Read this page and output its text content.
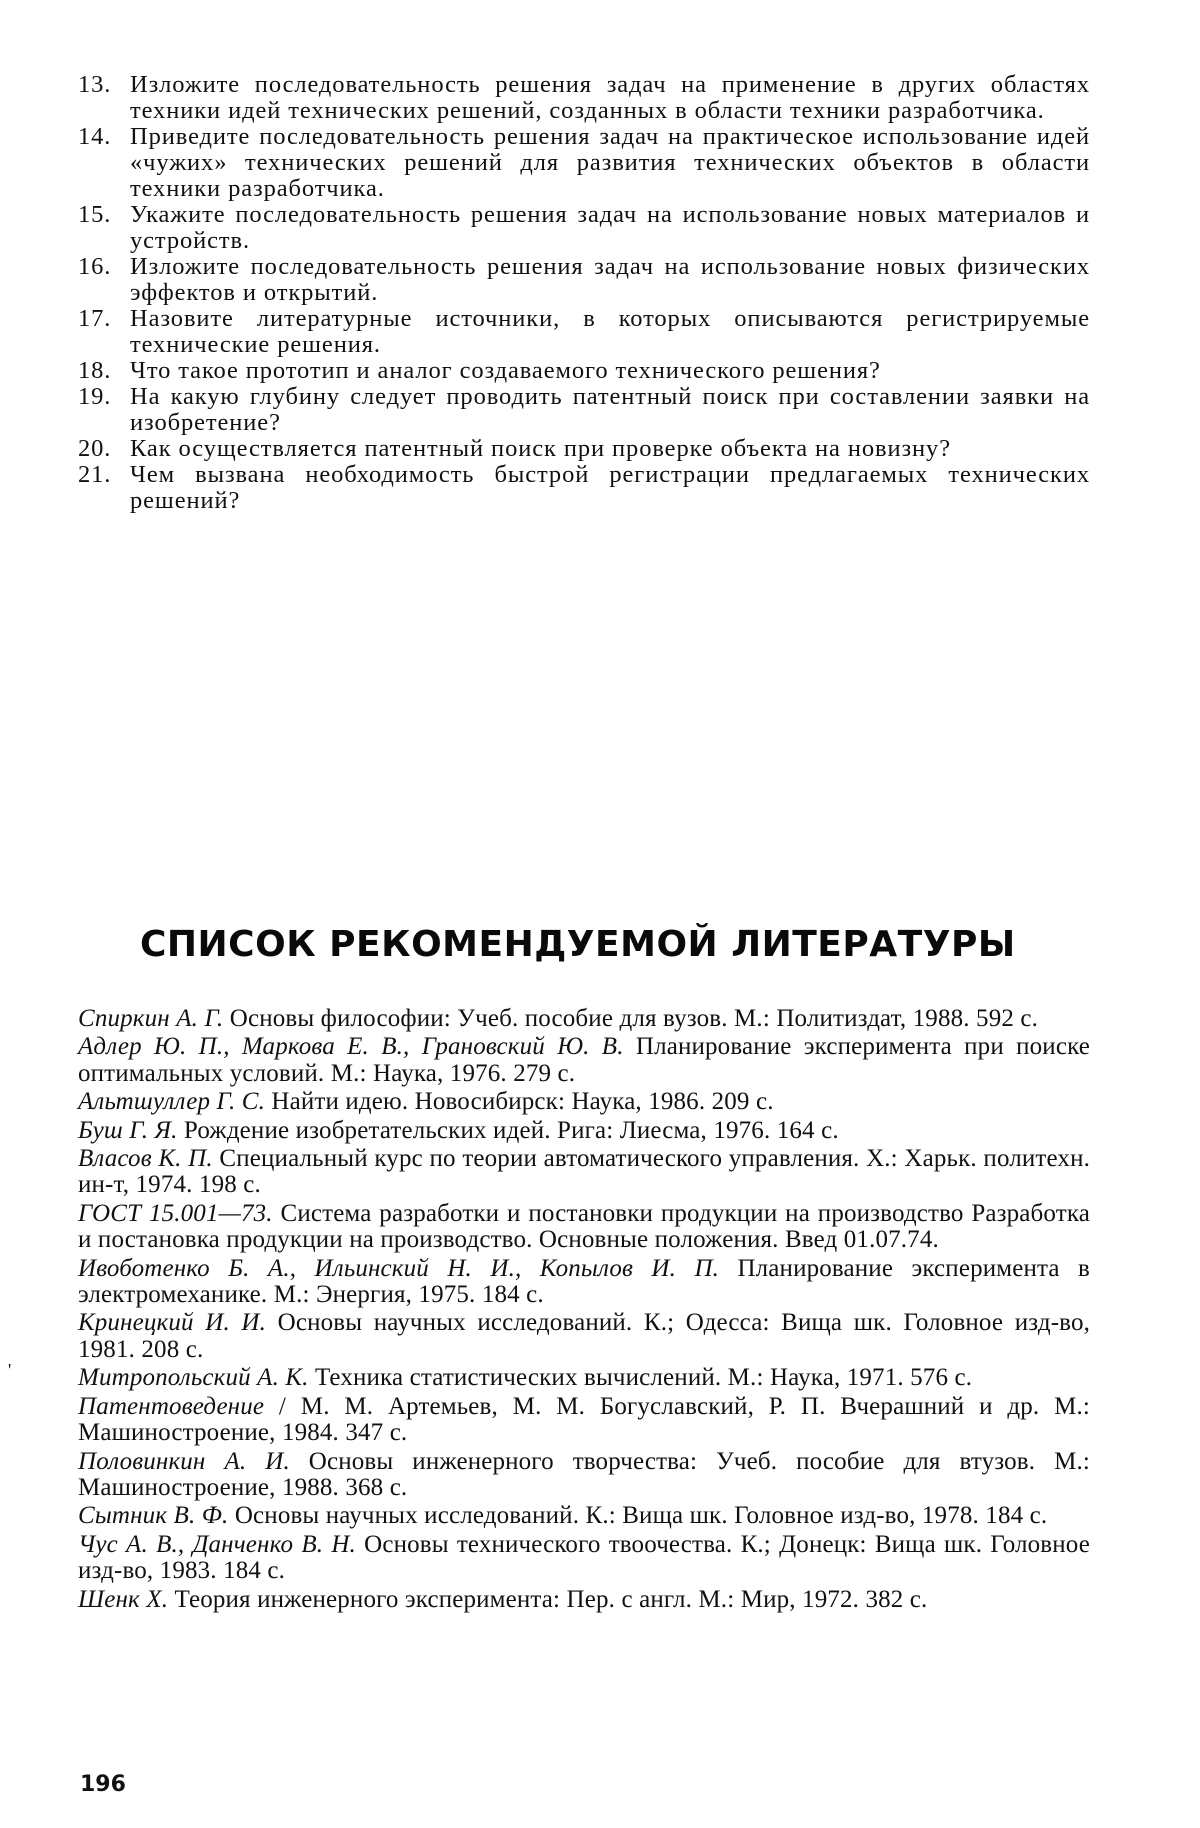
13. Изложите последовательность решения задач на применение в других областях техники идей технических решений, созданных в области техники разработчика.
14. Приведите последовательность решения задач на практическое использование идей «чужих» технических решений для развития технических объектов в области техники разработчика.
15. Укажите последовательность решения задач на использование новых материалов и устройств.
16. Изложите последовательность решения задач на использование новых физических эффектов и открытий.
17. Назовите литературные источники, в которых описываются регистрируемые технические решения.
18. Что такое прототип и аналог создаваемого технического решения?
19. На какую глубину следует проводить патентный поиск при составлении заявки на изобретение?
20. Как осуществляется патентный поиск при проверке объекта на новизну?
21. Чем вызвана необходимость быстрой регистрации предлагаемых технических решений?
СПИСОК РЕКОМЕНДУЕМОЙ ЛИТЕРАТУРЫ

Спиркин А. Г. Основы философии: Учеб. пособие для вузов. М.: Политиздат, 1988. 592 с.

Адлер Ю. П., Маркова Е. В., Грановский Ю. В. Планирование эксперимента при поиске оптимальных условий. М.: Наука, 1976. 279 с.

Альтшуллер Г. С. Найти идею. Новосибирск: Наука, 1986. 209 с.

Буш Г. Я. Рождение изобретательских идей. Рига: Лиесма, 1976. 164 с.

Власов К. П. Специальный курс по теории автоматического управления. Х.: Харьк. политехн. ин-т, 1974. 198 с.

ГОСТ 15.001—73. Система разработки и постановки продукции на производство Разработка и постановка продукции на производство. Основные положения. Введ 01.07.74.

Ивоботенко Б. А., Ильинский Н. И., Копылов И. П. Планирование эксперимента в электромеханике. М.: Энергия, 1975. 184 с.

Кринецкий И. И. Основы научных исследований. К.; Одесса: Вища шк. Головное изд-во, 1981. 208 с.

Митропольский А. К. Техника статистических вычислений. М.: Наука, 1971. 576 с.

Патентоведение / М. М. Артемьев, М. М. Богуславский, Р. П. Вчерашний и др. М.: Машиностроение, 1984. 347 с.

Половинкин А. И. Основы инженерного творчества: Учеб. пособие для втузов. М.: Машиностроение, 1988. 368 с.

Сытник В. Ф. Основы научных исследований. К.: Вища шк. Головное изд-во, 1978. 184 с.

Чус А. В., Данченко В. Н. Основы технического твоочества. К.; Донецк: Вища шк. Головное изд-во, 1983. 184 с.

Шенк Х. Теория инженерного эксперимента: Пер. с англ. М.: Мир, 1972. 382 с.

'
196
